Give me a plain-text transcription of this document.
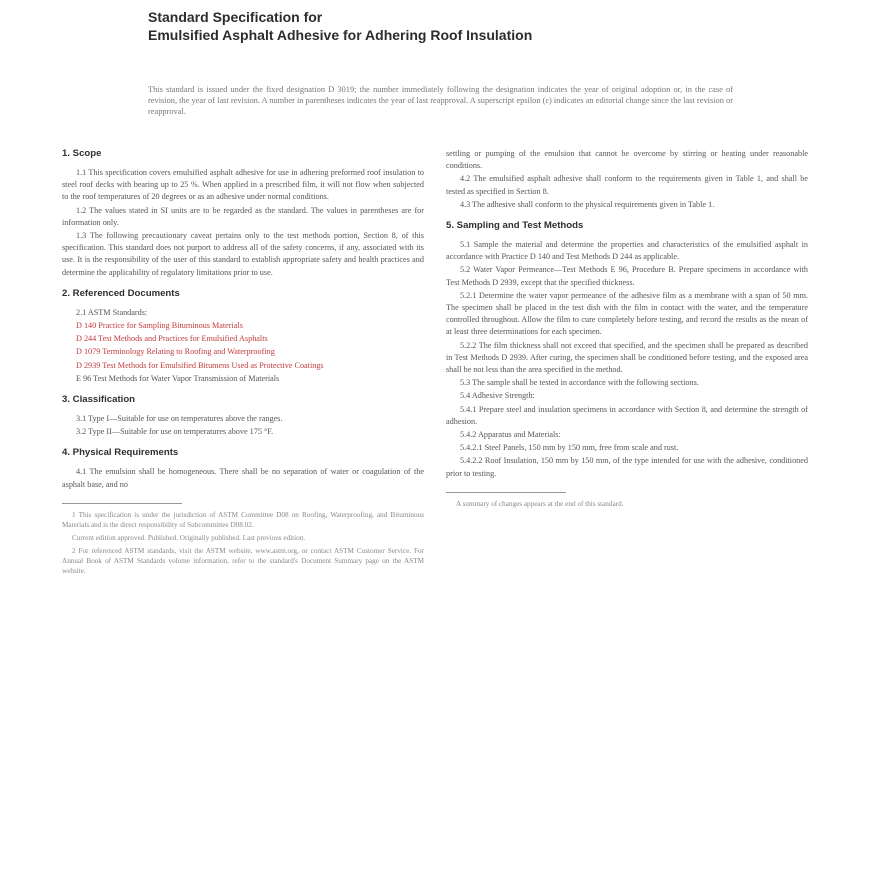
Standard Specification for
Emulsified Asphalt Adhesive for Adhering Roof Insulation
This standard is issued under the fixed designation D 3019; the number immediately following the designation indicates the year of original adoption or, in the case of revision, the year of last revision. A number in parentheses indicates the year of last reapproval. A superscript epsilon (ε) indicates an editorial change since the last revision or reapproval.
1. Scope

1.1 This specification covers emulsified asphalt adhesive for use in adhering preformed roof insulation to steel roof decks with bearing up to 25 %. When applied in a prescribed film, it will not flow when subjected to the roof temperatures of 20 degrees or as an adhesive under normal conditions.

1.2 The values stated in SI units are to be regarded as the standard. The values in parentheses are for information only.

1.3 The following precautionary caveat pertains only to the test methods portion, Section 8, of this specification. This standard does not purport to address all of the safety concerns, if any, associated with its use. It is the responsibility of the user of this standard to establish appropriate safety and health practices and determine the applicability of regulatory limitations prior to use.

2. Referenced Documents

2.1 ASTM Standards:

D 140 Practice for Sampling Bituminous Materials

D 244 Test Methods and Practices for Emulsified Asphalts

D 1079 Terminology Relating to Roofing and Waterproofing

D 2939 Test Methods for Emulsified Bitumens Used as Protective Coatings

E 96 Test Methods for Water Vapor Transmission of Materials

3. Classification

3.1 Type I—Suitable for use on temperatures above the ranges.

3.2 Type II—Suitable for use on temperatures above 175 °F.

4. Physical Requirements

4.1 The emulsion shall be homogeneous. There shall be no separation of water or coagulation of the asphalt base, and no

1 This specification is under the jurisdiction of ASTM Committee D08 on Roofing, Waterproofing, and Bituminous Materials and is the direct responsibility of Subcommittee D08.02.

Current edition approved. Published. Originally published. Last previous edition.

2 For referenced ASTM standards, visit the ASTM website, www.astm.org, or contact ASTM Customer Service. For Annual Book of ASTM Standards volume information, refer to the standard's Document Summary page on the ASTM website.

settling or pumping of the emulsion that cannot be overcome by stirring or heating under reasonable conditions.

4.2 The emulsified asphalt adhesive shall conform to the requirements given in Table 1, and shall be tested as specified in Section 8.

4.3 The adhesive shall conform to the physical requirements given in Table 1.

5. Sampling and Test Methods

5.1 Sample the material and determine the properties and characteristics of the emulsified asphalt in accordance with Practice D 140 and Test Methods D 244 as applicable.

5.2 Water Vapor Permeance—Test Methods E 96, Procedure B. Prepare specimens in accordance with Test Methods D 2939, except that the specified thickness.

5.2.1 Determine the water vapor permeance of the adhesive film as a membrane with a span of 50 mm. The specimen shall be placed in the test dish with the film in contact with the water, and the temperature controlled throughout. Allow the film to cure completely before testing, and record the results as the mean of at least three determinations for each specimen.

5.2.2 The film thickness shall not exceed that specified, and the specimen shall be prepared as described in Test Methods D 2939. After curing, the specimen shall be conditioned before testing, and the exposed area shall be not less than the area specified in the method.

5.3 The sample shall be tested in accordance with the following sections.

5.4 Adhesive Strength:

5.4.1 Prepare steel and insulation specimens in accordance with Section 8, and determine the strength of adhesion.

5.4.2 Apparatus and Materials:

5.4.2.1 Steel Panels, 150 mm by 150 mm, free from scale and rust.

5.4.2.2 Roof Insulation, 150 mm by 150 mm, of the type intended for use with the adhesive, conditioned prior to testing.

A summary of changes appears at the end of this standard.
